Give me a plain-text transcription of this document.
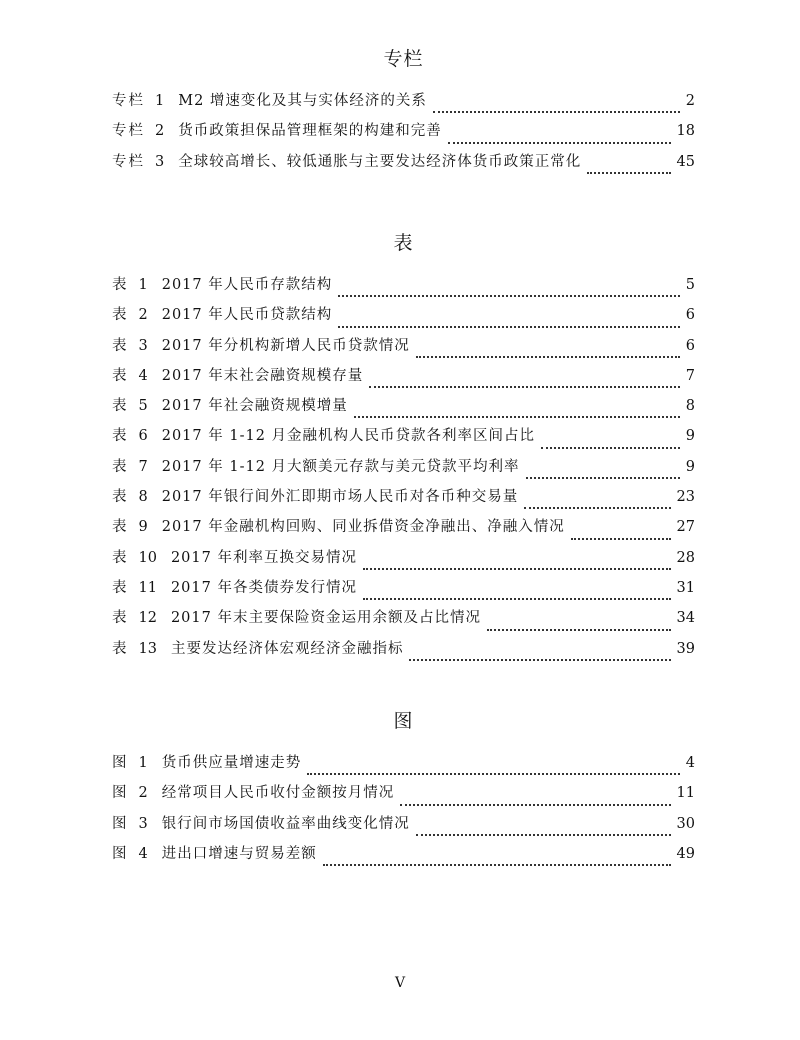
专栏
专栏 1 M2 增速变化及其与实体经济的关系	2
专栏 2 货币政策担保品管理框架的构建和完善	18
专栏 3 全球较高增长、较低通胀与主要发达经济体货币政策正常化	45
表
表 1 2017 年人民币存款结构	5
表 2 2017 年人民币贷款结构	6
表 3 2017 年分机构新增人民币贷款情况	6
表 4 2017 年末社会融资规模存量	7
表 5 2017 年社会融资规模增量	8
表 6 2017 年 1-12 月金融机构人民币贷款各利率区间占比	9
表 7 2017 年 1-12 月大额美元存款与美元贷款平均利率	9
表 8 2017 年银行间外汇即期市场人民币对各币种交易量	23
表 9 2017 年金融机构回购、同业拆借资金净融出、净融入情况	27
表 10 2017 年利率互换交易情况	28
表 11 2017 年各类债券发行情况	31
表 12 2017 年末主要保险资金运用余额及占比情况	34
表 13 主要发达经济体宏观经济金融指标	39
图
图 1 货币供应量增速走势	4
图 2 经常项目人民币收付金额按月情况	11
图 3 银行间市场国债收益率曲线变化情况	30
图 4 进出口增速与贸易差额	49
V
